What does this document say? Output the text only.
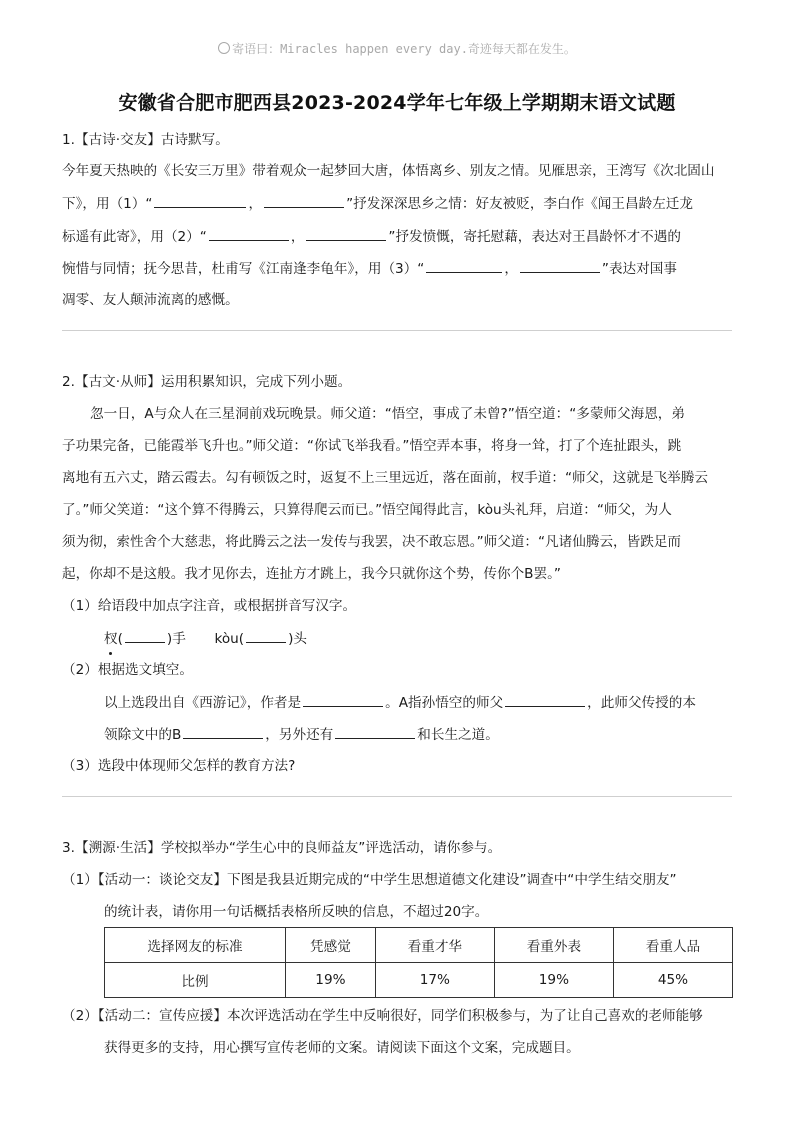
寄语曰：Miracles happen every day.奇迹每天都在发生。
安徽省合肥市肥西县2023-2024学年七年级上学期期末语文试题
1.【古诗·交友】古诗默写。
今年夏天热映的《长安三万里》带着观众一起梦回大唐，体悟离乡、别友之情。见雁思亲，王湾写《次北固山
下》，用（1）“	，	”抒发深深思乡之情：好友被贬，李白作《闻王昌龄左迁龙
标遥有此寄》，用（2）“	，	”抒发愤慨，寄托慰藉，表达对王昌龄怀才不遇的
惋惜与同情；抚今思昔，杜甫写《江南逢李龟年》，用（3）“	，	”表达对国事
凋零、友人颠沛流离的感慨。
2.【古文·从师】运用积累知识，完成下列小题。
忽一日，A与众人在三星洞前戏玩晚景。师父道：“悟空，事成了未曾?”悟空道：“多蒙师父海恩，弟
子功果完备，已能霞举飞升也。”师父道：“你试飞举我看。”悟空弄本事，将身一耸，打了个连扯跟头，跳
离地有五六丈，踏云霞去。勾有顿饭之时，返复不上三里远近，落在面前，杈手道：“师父，这就是飞举腾云
了。”师父笑道：“这个算不得腾云，只算得爬云而已。”悟空闻得此言，kòu头礼拜，启道：“师父，为人
须为彻，索性舍个大慈悲，将此腾云之法一发传与我罢，决不敢忘恩。”师父道：“凡诸仙腾云，皆跌足而
起，你却不是这般。我才见你去，连扯方才跳上，我今只就你这个势，传你个B罢。”
（1）给语段中加点字注音，或根据拼音写汉字。
杈(	)手 kòu(	)头
（2）根据选文填空。
以上选段出自《西游记》，作者是	。A指孙悟空的师父	，此师父传授的本
领除文中的B	，另外还有	和长生之道。
（3）选段中体现师父怎样的教育方法?
3.【溯源·生活】学校拟举办“学生心中的良师益友”评选活动，请你参与。
（1）【活动一：谈论交友】下图是我县近期完成的“中学生思想道德文化建设”调查中“中学生结交朋友”
的统计表，请你用一句话概括表格所反映的信息，不超过20字。
选择网友的标准	凭感觉	看重才华	看重外表	看重人品
比例	19%	17%	19%	45%
（2）【活动二：宣传应援】本次评选活动在学生中反响很好，同学们积极参与，为了让自己喜欢的老师能够
获得更多的支持，用心撰写宣传老师的文案。请阅读下面这个文案，完成题目。
